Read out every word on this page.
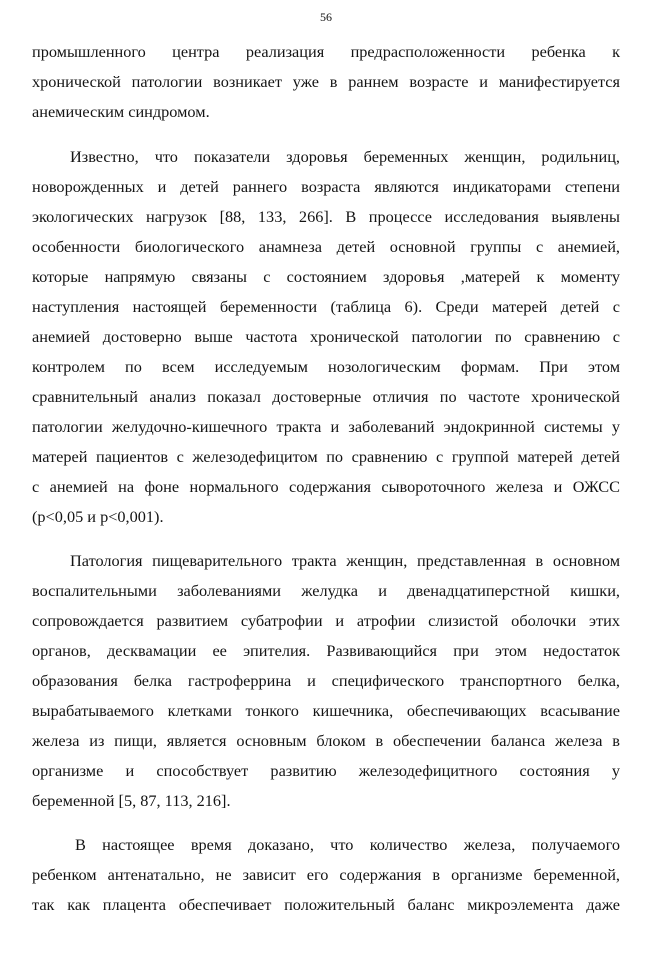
56
промышленного центра реализация предрасположенности ребенка к
хронической патологии возникает уже в раннем возрасте и манифестируется
анемическим синдромом.
Известно, что показатели здоровья беременных женщин, родильниц,
новорожденных и детей раннего возраста являются индикаторами степени
экологических нагрузок [88, 133, 266]. В процессе исследования выявлены
особенности биологического анамнеза детей основной группы с анемией,
которые напрямую связаны с состоянием здоровья ,матерей к моменту
наступления настоящей беременности (таблица 6). Среди матерей детей с
анемией достоверно выше частота хронической патологии по сравнению с
контролем по всем исследуемым нозологическим формам. При этом
сравнительный анализ показал достоверные отличия по частоте хронической
патологии желудочно-кишечного тракта и заболеваний эндокринной системы у
матерей пациентов с железодефицитом по сравнению с группой матерей детей
с анемией на фоне нормального содержания сывороточного железа и ОЖСС
(p<0,05 и p<0,001).
Патология пищеварительного тракта женщин, представленная в основном
воспалительными заболеваниями желудка и двенадцатиперстной кишки,
сопровождается развитием субатрофии и атрофии слизистой оболочки этих
органов, десквамации ее эпителия. Развивающийся при этом недостаток
образования белка гастроферрина и специфического транспортного белка,
вырабатываемого клетками тонкого кишечника, обеспечивающих всасывание
железа из пищи, является основным блоком в обеспечении баланса железа в
организме и способствует развитию железодефицитного состояния у
беременной [5, 87, 113, 216].
В настоящее время доказано, что количество железа, получаемого
ребенком антенатально, не зависит его содержания в организме беременной,
так как плацента обеспечивает положительный баланс микроэлемента даже
